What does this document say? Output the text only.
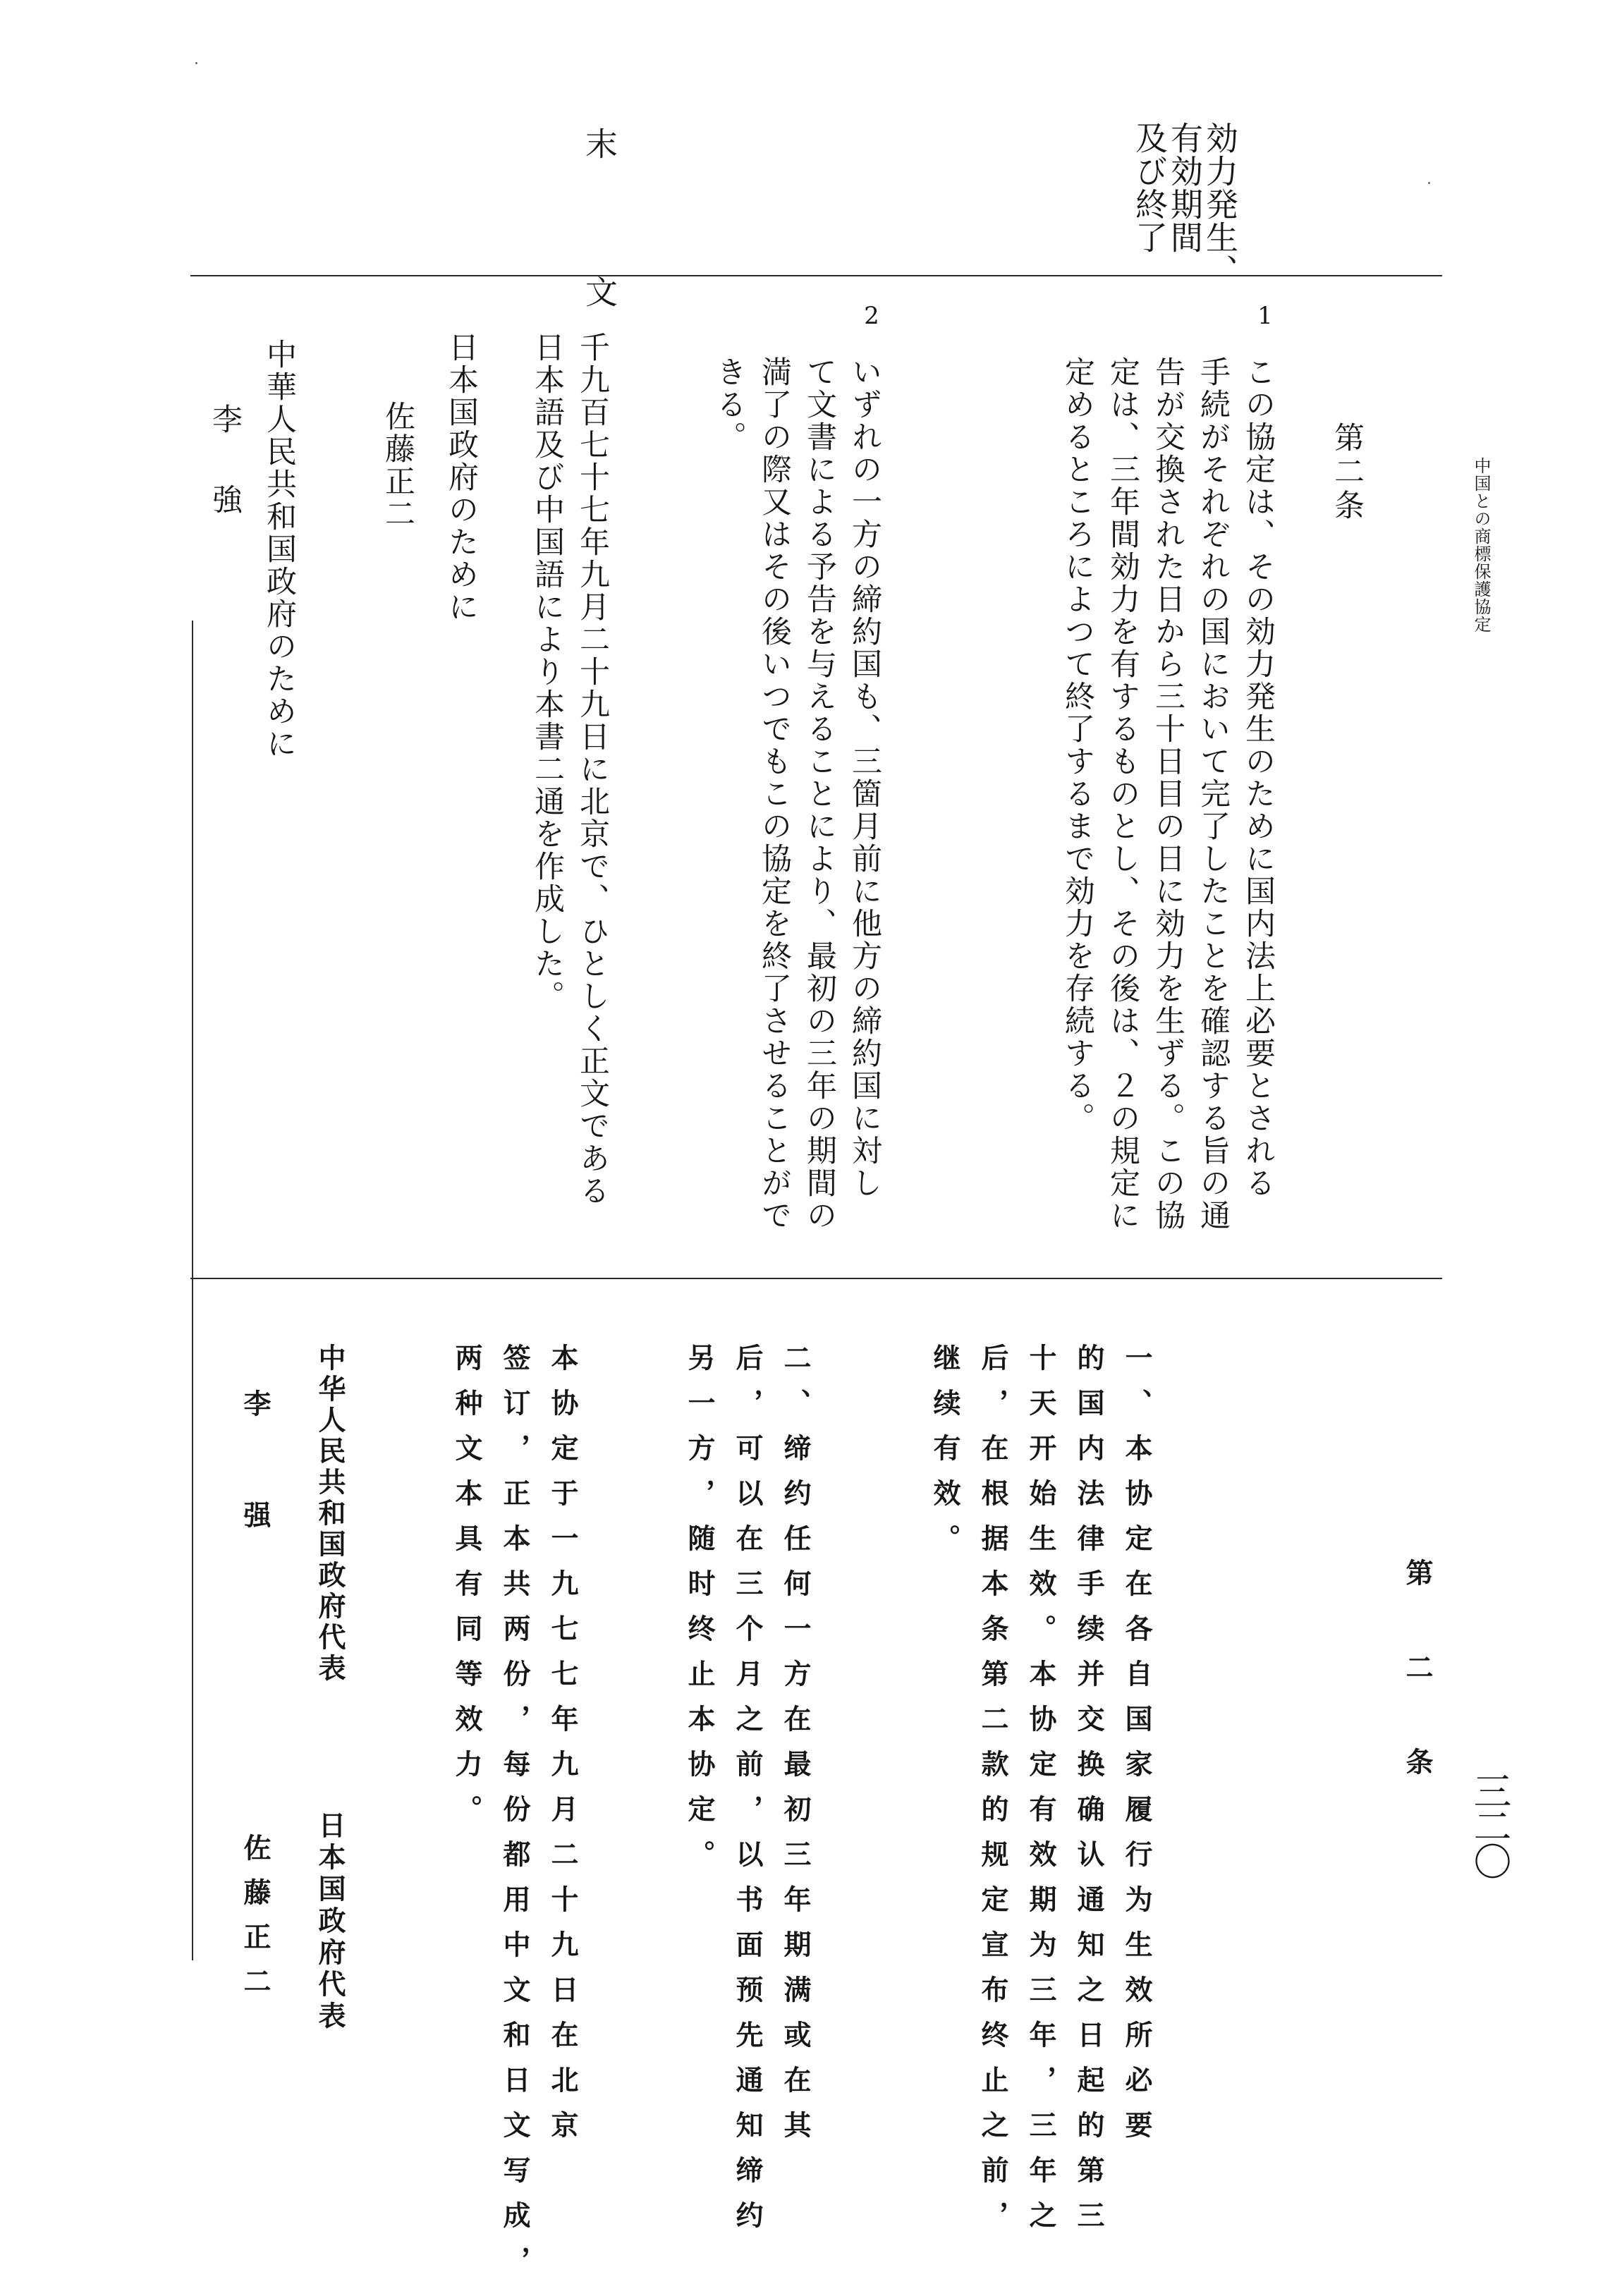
中国との商標保護協定
三二〇
効力発生、
有効期間
及び終了
第二条
1
この協定は、その効力発生のために国内法上必要とされる
手続がそれぞれの国において完了したことを確認する旨の通
告が交換された日から三十日目の日に効力を生ずる。この協
定は、三年間効力を有するものとし、その後は、２の規定に
定めるところによつて終了するまで効力を存続する。
2
いずれの一方の締約国も、三箇月前に他方の締約国に対し
て文書による予告を与えることにより、最初の三年の期間の
満了の際又はその後いつでもこの協定を終了させることがで
きる。
末　　文
千九百七十七年九月二十九日に北京で、ひとしく正文である
日本語及び中国語により本書二通を作成した。
日本国政府のために
佐藤正二
中華人民共和国政府のために
李　強
第二条
一、本协定在各自国家履行为生效所必要
的国内法律手续并交换确认通知之日起的第三
十天开始生效。本协定有效期为三年，三年之
后，在根据本条第二款的规定宣布终止之前，
继续有效。
二、缔约任何一方在最初三年期满或在其
后，可以在三个月之前，以书面预先通知缔约
另一方，随时终止本协定。
本协定于一九七七年九月二十九日在北京
签订，正本共两份，每份都用中文和日文写成，
两种文本具有同等效力。
日本国政府代表
佐藤正二
中华人民共和国政府代表
李　强
